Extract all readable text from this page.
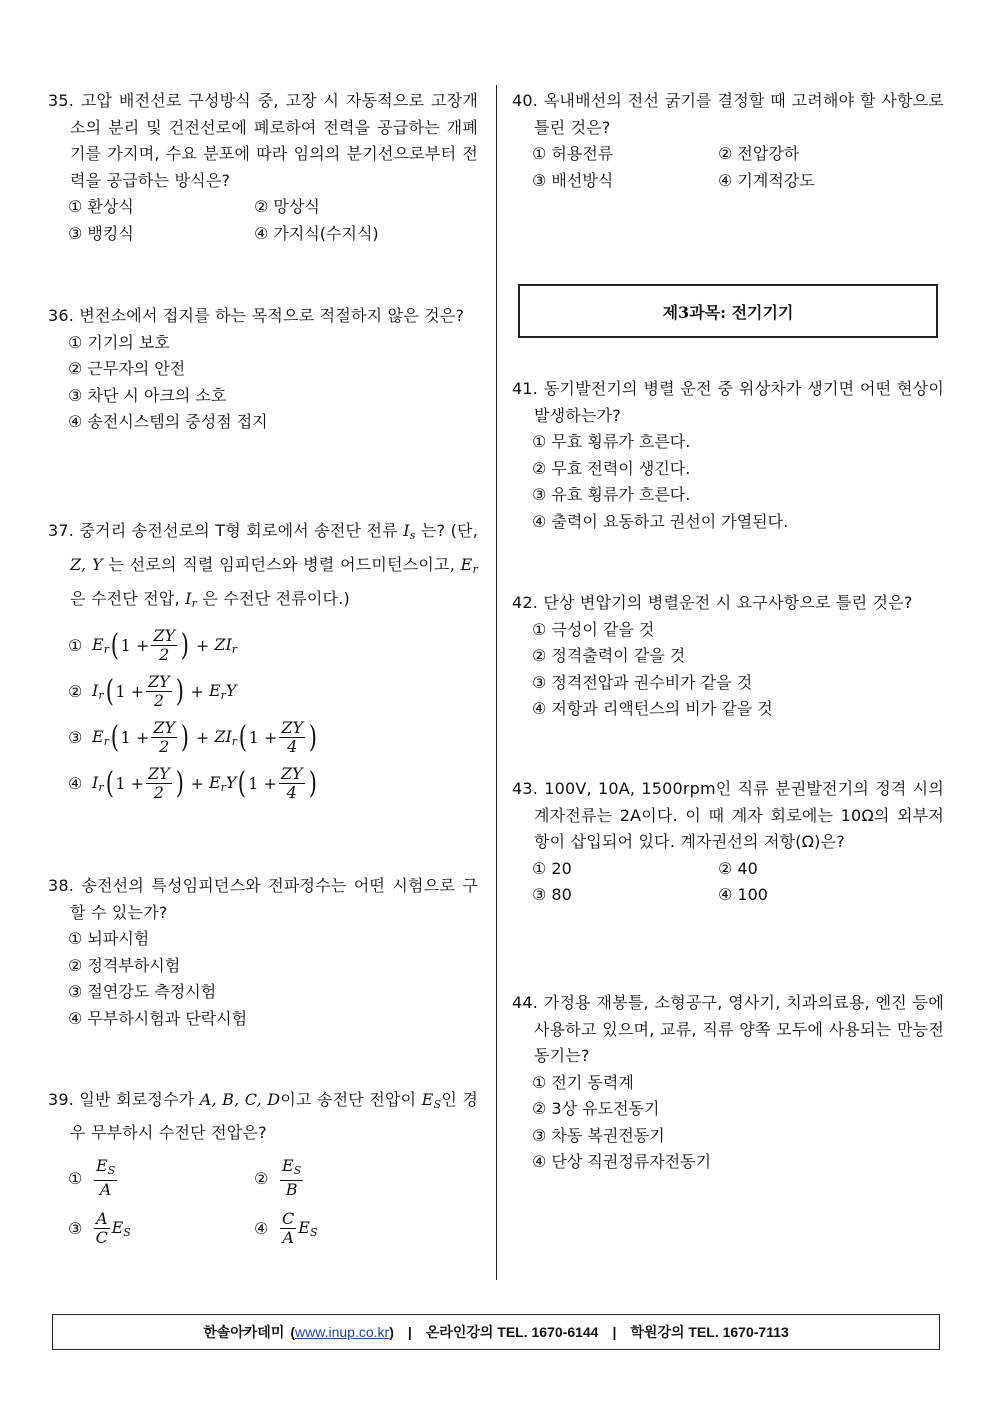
35. 고압 배전선로 구성방식 중, 고장 시 자동적으로 고장개소의 분리 및 건전선로에 폐로하여 전력을 공급하는 개폐기를 가지며, 수요 분포에 따라 임의의 분기선으로부터 전력을 공급하는 방식은?
① 환상식	② 망상식
③ 뱅킹식	④ 가지식(수지식)
36. 변전소에서 접지를 하는 목적으로 적절하지 않은 것은?
① 기기의 보호
② 근무자의 안전
③ 차단 시 아크의 소호
④ 송전시스템의 중성점 접지
37. 중거리 송전선로의 T형 회로에서 송전단 전류 $I_s$ 는? (단, Z, Y 는 선로의 직렬 임피던스와 병렬 어드미턴스이고, $E_r$ 은 수전단 전압, $I_r$ 은 수전단 전류이다.)
① $E_r$ ( $1 + \frac{ZY}{2}$ ) + $ZI_r$
② $I_r$ ( $1 + \frac{ZY}{2}$ ) + $E_rY$
③ $E_r$ ( $1 + \frac{ZY}{2}$ ) + $ZI_r$ ( $1 + \frac{ZY}{4}$ )
④ $I_r$ ( $1 + \frac{ZY}{2}$ ) + $E_rY$ ( $1 + \frac{ZY}{4}$ )
38. 송전선의 특성임피던스와 전파정수는 어떤 시험으로 구할 수 있는가?
① 뇌파시험
② 정격부하시험
③ 절연강도 측정시험
④ 무부하시험과 단락시험
39. 일반 회로정수가 A, B, C, D이고 송전단 전압이 $E_S$인 경우 무부하시 수전단 전압은?
① $\frac{E_S}{A}$	② $\frac{E_S}{B}$
③ $\frac{A}{C} E_S$	④ $\frac{C}{A} E_S$
40. 옥내배선의 전선 굵기를 결정할 때 고려해야 할 사항으로 틀린 것은?
① 허용전류	② 전압강하
③ 배선방식	④ 기계적강도
41. 동기발전기의 병렬 운전 중 위상차가 생기면 어떤 현상이 발생하는가?
① 무효 횡류가 흐른다.
② 무효 전력이 생긴다.
③ 유효 횡류가 흐른다.
④ 출력이 요동하고 권선이 가열된다.
42. 단상 변압기의 병렬운전 시 요구사항으로 틀린 것은?
① 극성이 같을 것
② 정격출력이 같을 것
③ 정격전압과 권수비가 같을 것
④ 저항과 리액턴스의 비가 같을 것
43. 100V, 10A, 1500rpm인 직류 분권발전기의 정격 시의 계자전류는 2A이다. 이 때 계자 회로에는 10Ω의 외부저항이 삽입되어 있다. 계자권선의 저항(Ω)은?
① 20	② 40
③ 80	④ 100
44. 가정용 재봉틀, 소형공구, 영사기, 치과의료용, 엔진 등에 사용하고 있으며, 교류, 직류 양쪽 모두에 사용되는 만능전동기는?
① 전기 동력계
② 3상 유도전동기
③ 차동 복권전동기
④ 단상 직권정류자전동기
제3과목: 전기기기
한솔아카데미 (www.inup.co.kr) | 온라인강의 TEL. 1670-6144 | 학원강의 TEL. 1670-7113
